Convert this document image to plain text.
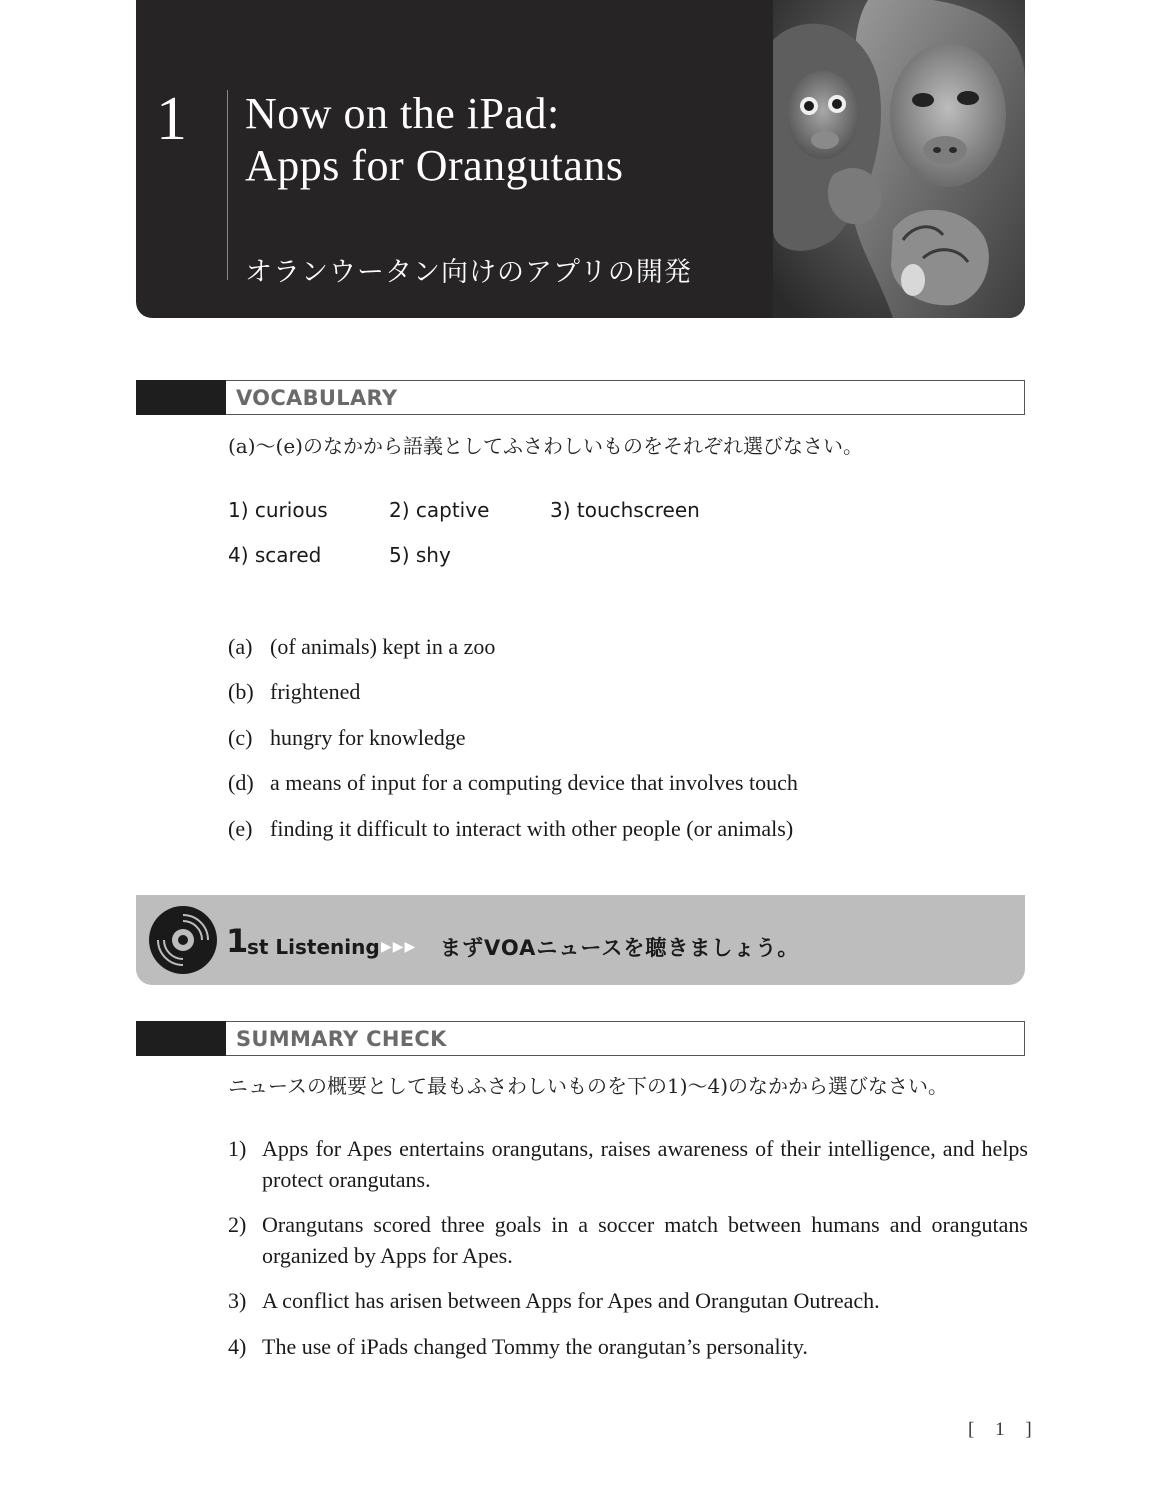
1 Now on the iPad:
Apps for Orangutans
オランウータン向けのアプリの開発
VOCABULARY
(a)～(e)のなかから語義としてふさわしいものをそれぞれ選びなさい。
1) curious	2) captive	3) touchscreen
4) scared	5) shy
(a) (of animals) kept in a zoo
(b) frightened
(c) hungry for knowledge
(d) a means of input for a computing device that involves touch
(e) finding it difficult to interact with other people (or animals)
1
st Listening ▶▶▶ まずVOAニュースを聴きましょう。
SUMMARY CHECK
ニュースの概要として最もふさわしいものを下の1)～4)のなかから選びなさい。
1) Apps for Apes entertains orangutans, raises awareness of their intelligence, and helps protect orangutans.
2) Orangutans scored three goals in a soccer match between humans and orangutans organized by Apps for Apes.
3) A conflict has arisen between Apps for Apes and Orangutan Outreach.
4) The use of iPads changed Tommy the orangutan’s personality.
[ 1 ]
